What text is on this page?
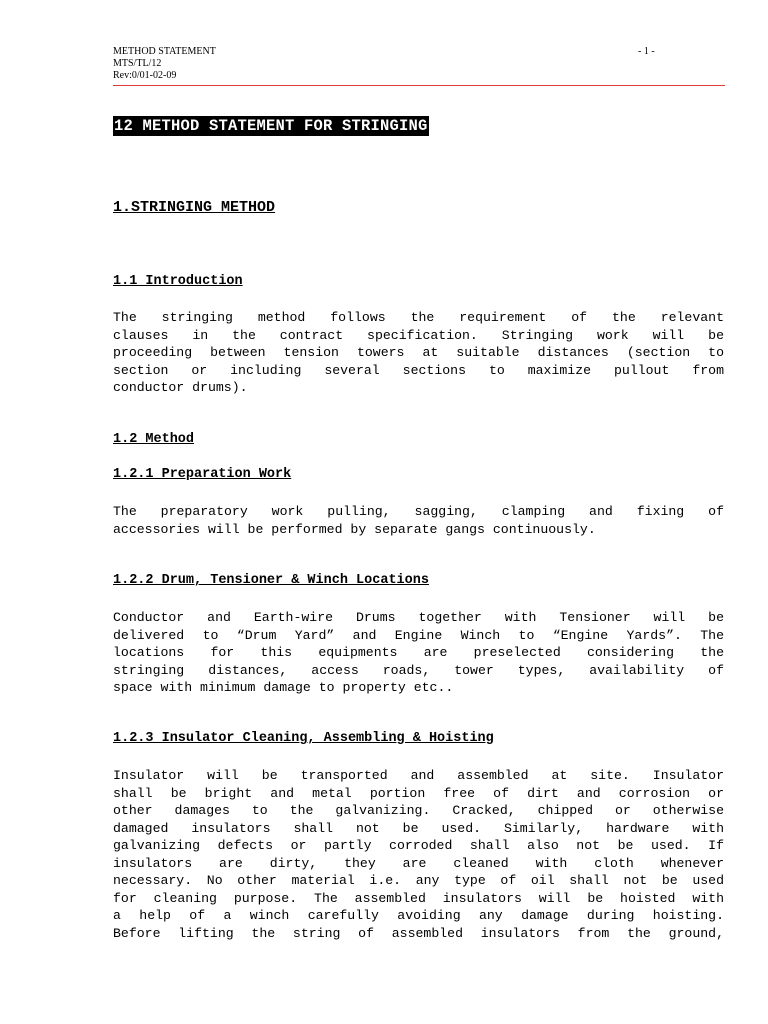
METHOD STATEMENT
MTS/TL/12
Rev:0/01-02-09
- 1 -
12 METHOD STATEMENT FOR STRINGING
1.STRINGING METHOD
1.1 Introduction

The stringing method follows the requirement of the relevant

clauses in the contract specification. Stringing work will be

proceeding between tension towers at suitable distances (section to

section or including several sections to maximize pullout from

conductor drums).

1.2 Method
1.2.1 Preparation Work

The preparatory work pulling, sagging, clamping and fixing of

accessories will be performed by separate gangs continuously.

1.2.2 Drum, Tensioner & Winch Locations

Conductor and Earth-wire Drums together with Tensioner will be

delivered to “Drum Yard” and Engine Winch to “Engine Yards”. The

locations for this equipments are preselected considering the

stringing distances, access roads, tower types, availability of

space with minimum damage to property etc..

1.2.3 Insulator Cleaning, Assembling & Hoisting

Insulator will be transported and assembled at site. Insulator

shall be bright and metal portion free of dirt and corrosion or

other damages to the galvanizing. Cracked, chipped or otherwise

damaged insulators shall not be used. Similarly, hardware with

galvanizing defects or partly corroded shall also not be used. If

insulators are dirty, they are cleaned with cloth whenever

necessary. No other material i.e. any type of oil shall not be used

for cleaning purpose. The assembled insulators will be hoisted with

a help of a winch carefully avoiding any damage during hoisting.

Before lifting the string of assembled insulators from the ground,
